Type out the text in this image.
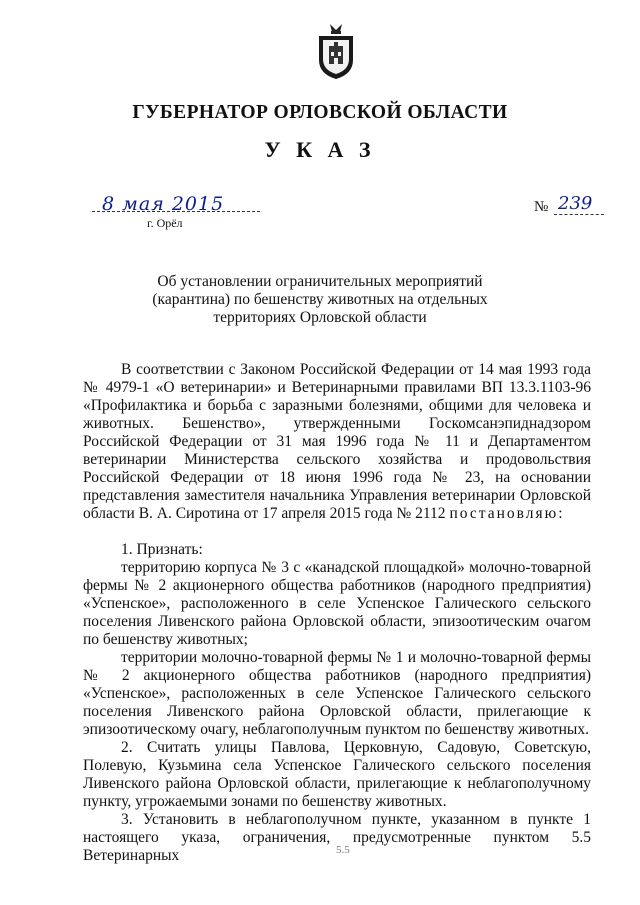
ГУБЕРНАТОР ОРЛОВСКОЙ ОБЛАСТИ
У К А З
8 мая 2015	№ 239
г. Орёл
Об установлении ограничительных мероприятий
(карантина) по бешенству животных на отдельных
территориях Орловской области

В соответствии с Законом Российской Федерации от 14 мая 1993 года № 4979-1 «О ветеринарии» и Ветеринарными правилами ВП 13.3.1103-96 «Профилактика и борьба с заразными болезнями, общими для человека и животных. Бешенство», утвержденными Госкомсанэпиднадзором Российской Федерации от 31 мая 1996 года № 11 и Департаментом ветеринарии Министерства сельского хозяйства и продовольствия Российской Федерации от 18 июня 1996 года № 23, на основании представления заместителя начальника Управления ветеринарии Орловской области В. А. Сиротина от 17 апреля 2015 года № 2112 постановляю:

1. Признать:

территорию корпуса № 3 с «канадской площадкой» молочно-товарной фермы № 2 акционерного общества работников (народного предприятия) «Успенское», расположенного в селе Успенское Галического сельского поселения Ливенского района Орловской области, эпизоотическим очагом по бешенству животных;

территории молочно-товарной фермы № 1 и молочно-товарной фермы № 2 акционерного общества работников (народного предприятия) «Успенское», расположенных в селе Успенское Галического сельского поселения Ливенского района Орловской области, прилегающие к эпизоотическому очагу, неблагополучным пунктом по бешенству животных.

2. Считать улицы Павлова, Церковную, Садовую, Советскую, Полевую, Кузьмина села Успенское Галического сельского поселения Ливенского района Орловской области, прилегающие к неблагополучному пункту, угрожаемыми зонами по бешенству животных.

3. Установить в неблагополучном пункте, указанном в пункте 1 настоящего указа, ограничения, предусмотренные пунктом 5.5 Ветеринарных	5.5
